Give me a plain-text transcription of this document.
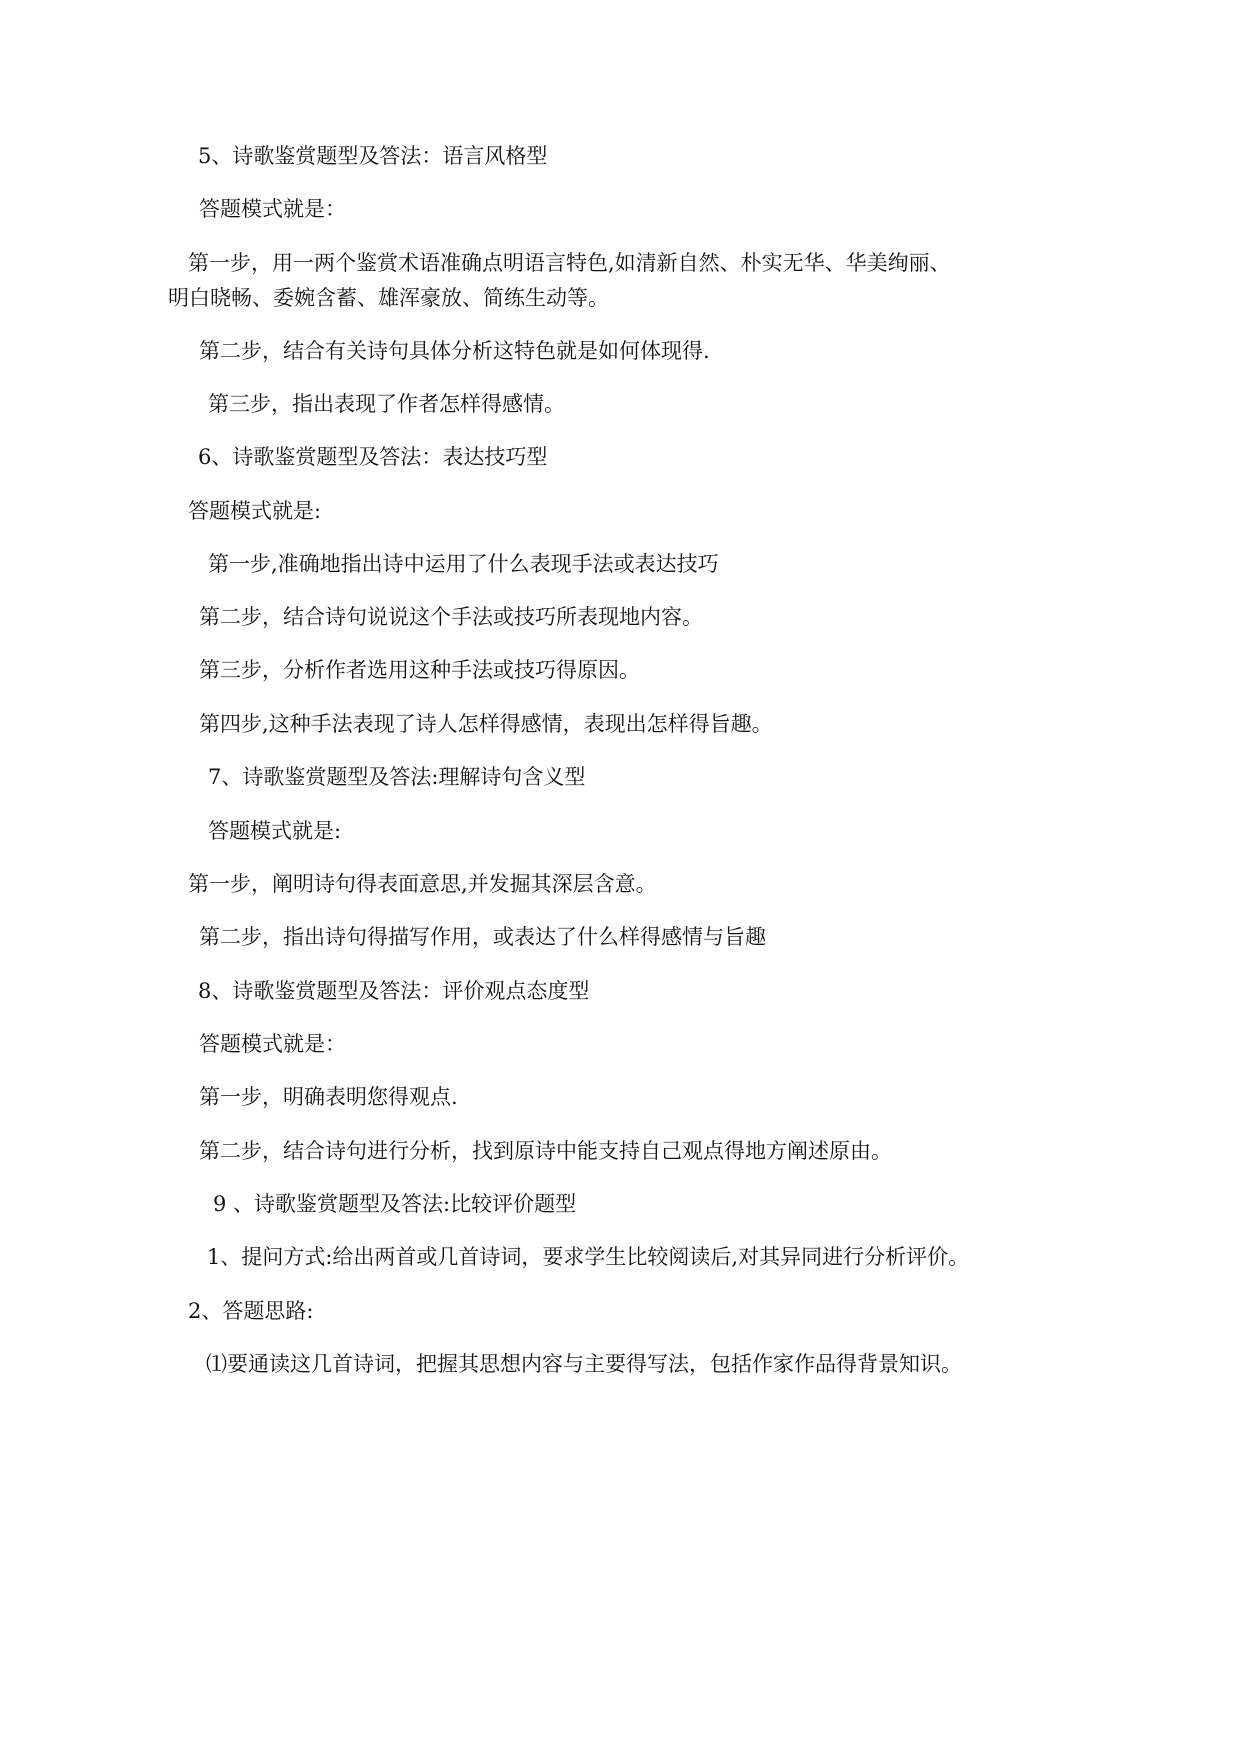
5、诗歌鉴赏题型及答法：语言风格型
答题模式就是：
第一步，用一两个鉴赏术语准确点明语言特色,如清新自然、朴实无华、华美绚丽、
明白晓畅、委婉含蓄、雄浑豪放、简练生动等。
第二步，结合有关诗句具体分析这特色就是如何体现得.
第三步，指出表现了作者怎样得感情。
6、诗歌鉴赏题型及答法：表达技巧型
答题模式就是:
第一步,准确地指出诗中运用了什么表现手法或表达技巧
第二步，结合诗句说说这个手法或技巧所表现地内容。
第三步，分析作者选用这种手法或技巧得原因。
第四步,这种手法表现了诗人怎样得感情，表现出怎样得旨趣。
7、诗歌鉴赏题型及答法:理解诗句含义型
答题模式就是:
第一步，阐明诗句得表面意思,并发掘其深层含意。
第二步，指出诗句得描写作用，或表达了什么样得感情与旨趣
8、诗歌鉴赏题型及答法：评价观点态度型
答题模式就是：
第一步，明确表明您得观点.
第二步，结合诗句进行分析，找到原诗中能支持自己观点得地方阐述原由。
9 、诗歌鉴赏题型及答法:比较评价题型
1、提问方式:给出两首或几首诗词，要求学生比较阅读后,对其异同进行分析评价。
2、答题思路:
⑴要通读这几首诗词，把握其思想内容与主要得写法，包括作家作品得背景知识。
